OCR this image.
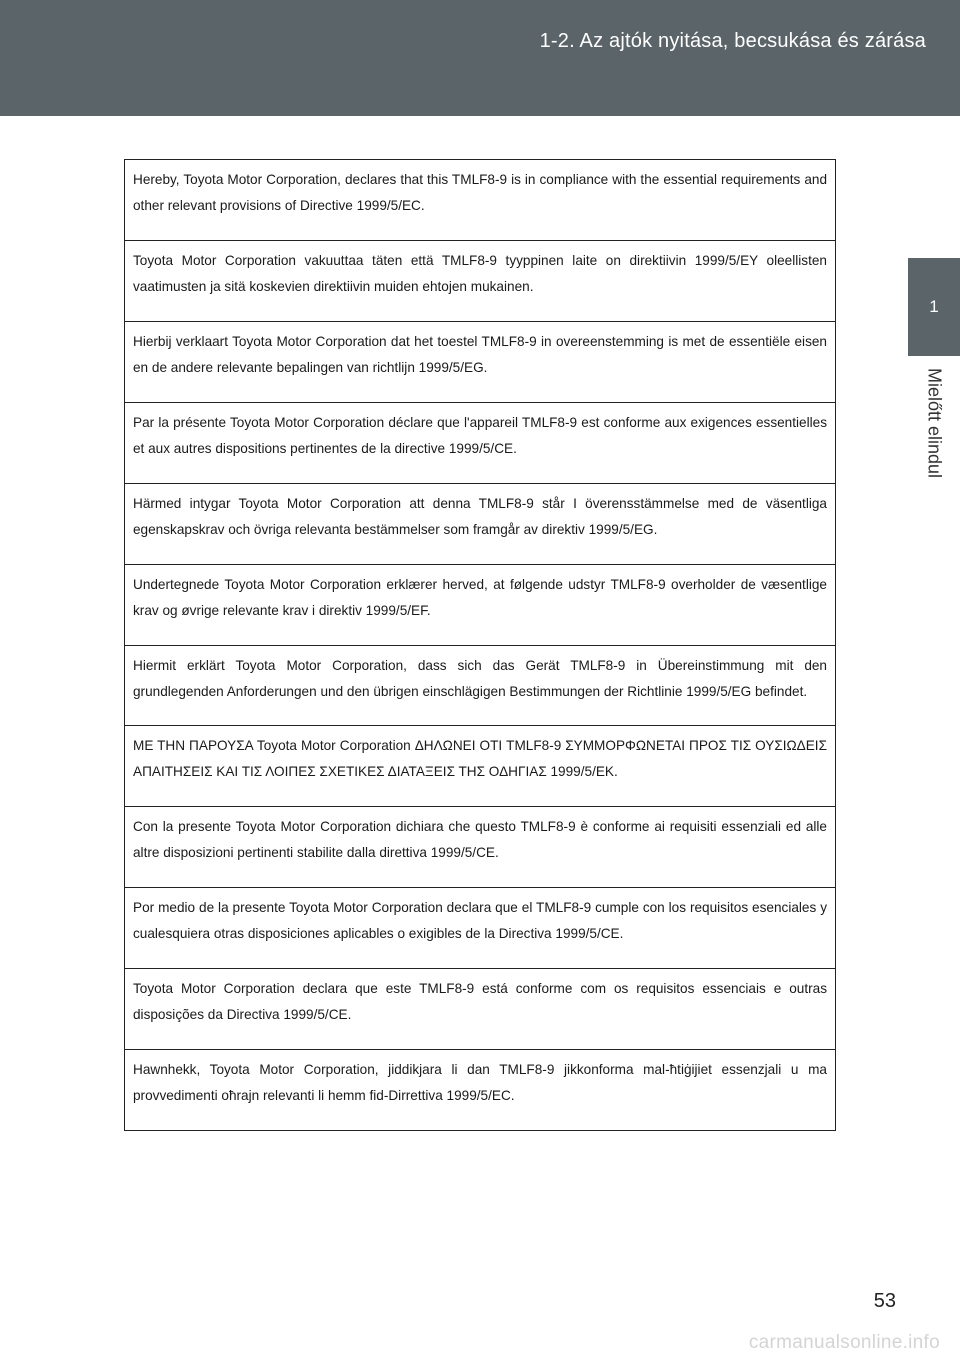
1-2. Az ajtók nyitása, becsukása és zárása
1
Mielőtt elindul

Hereby, Toyota Motor Corporation, declares that this TMLF8-9 is in compliance with the essential requirements and other relevant provisions of Directive 1999/5/EC.

Toyota Motor Corporation vakuuttaa täten että TMLF8-9 tyyppinen laite on direktiivin 1999/5/EY oleellisten vaatimusten ja sitä koskevien direktiivin muiden ehtojen mukainen.

Hierbij verklaart Toyota Motor Corporation dat het toestel TMLF8-9 in overeenstemming is met de essentiële eisen en de andere relevante bepalingen van richtlijn 1999/5/EG.

Par la présente Toyota Motor Corporation déclare que l'appareil TMLF8-9 est conforme aux exigences essentielles et aux autres dispositions pertinentes de la directive 1999/5/CE.

Härmed intygar Toyota Motor Corporation att denna TMLF8-9 står I överensstämmelse med de väsentliga egenskapskrav och övriga relevanta bestämmelser som framgår av direktiv 1999/5/EG.

Undertegnede Toyota Motor Corporation erklærer herved, at følgende udstyr TMLF8-9 overholder de væsentlige krav og øvrige relevante krav i direktiv 1999/5/EF.

Hiermit erklärt Toyota Motor Corporation, dass sich das Gerät TMLF8-9 in Übereinstimmung mit den grundlegenden Anforderungen und den übrigen einschlägigen Bestimmungen der Richtlinie 1999/5/EG befindet.

ΜΕ ΤΗΝ ΠΑΡΟΥΣΑ Toyota Motor Corporation ΔΗΛΩΝΕΙ ΟΤΙ TMLF8-9 ΣΥΜΜΟΡΦΩΝΕΤΑΙ ΠΡΟΣ ΤΙΣ ΟΥΣΙΩΔΕΙΣ ΑΠΑΙΤΗΣΕΙΣ ΚΑΙ ΤΙΣ ΛΟΙΠΕΣ ΣΧΕΤΙΚΕΣ ΔΙΑΤΑΞΕΙΣ ΤΗΣ ΟΔΗΓΙΑΣ 1999/5/ΕΚ.

Con la presente Toyota Motor Corporation dichiara che questo TMLF8-9 è conforme ai requisiti essenziali ed alle altre disposizioni pertinenti stabilite dalla direttiva 1999/5/CE.

Por medio de la presente Toyota Motor Corporation declara que el TMLF8-9 cumple con los requisitos esenciales y cualesquiera otras disposiciones aplicables o exigibles de la Directiva 1999/5/CE.

Toyota Motor Corporation declara que este TMLF8-9 está conforme com os requisitos essenciais e outras disposições da Directiva 1999/5/CE.

Hawnhekk, Toyota Motor Corporation, jiddikjara li dan TMLF8-9 jikkonforma mal-ħtiġijiet essenzjali u ma provvedimenti oħrajn relevanti li hemm fid-Dirrettiva 1999/5/EC.

53
carmanualsonline.info
